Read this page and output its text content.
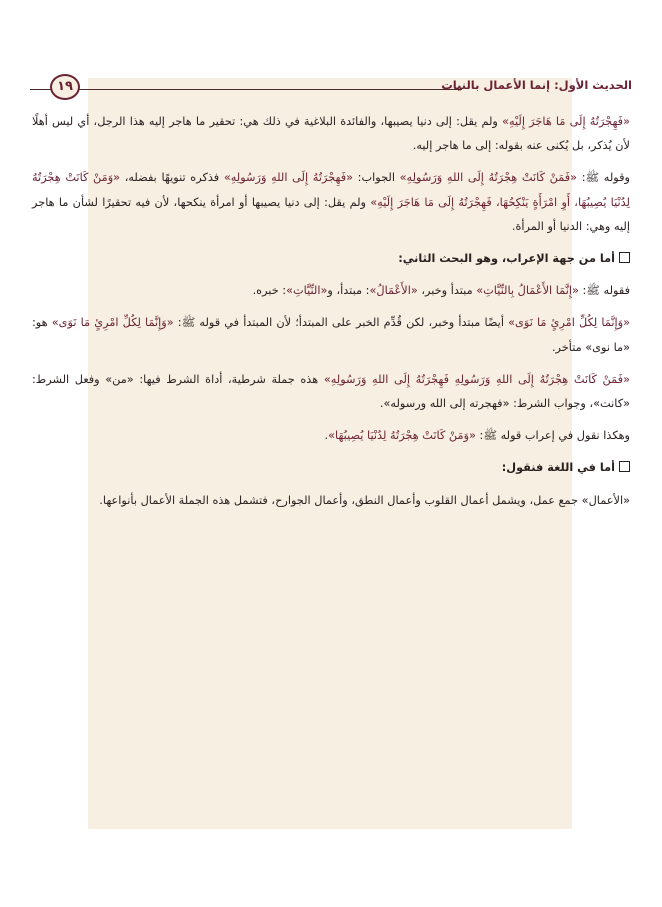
الحديث الأول: إنما الأعمال بالنيات
١٩

«فَهِجْرَتُهُ إِلَى مَا هَاجَرَ إِلَيْهِ» ولم يقل: إلى دنيا يصيبها، والفائدة البلاغية في ذلك هي: تحقير ما هاجر إليه هذا الرجل، أي ليس أهلًا لأن يُذكر، بل يُكنى عنه بقوله: إلى ما هاجر إليه.

وقوله ﷺ: «فَمَنْ كَانَتْ هِجْرَتُهُ إِلَى اللهِ وَرَسُولِهِ» الجواب: «فَهِجْرَتُهُ إِلَى اللهِ وَرَسُولِهِ» فذكره تنويهًا بفضله، «وَمَنْ كَانَتْ هِجْرَتُهُ لِدُنْيَا يُصِيبُهَا، أَوِ امْرَأَةٍ يَنْكِحُهَا، فَهِجْرَتُهُ إِلَى مَا هَاجَرَ إِلَيْهِ» ولم يقل: إلى دنيا يصيبها أو امرأة ينكحها، لأن فيه تحقيرًا لشأن ما هاجر إليه وهي: الدنيا أو المرأة.

أما من جهة الإعراب، وهو البحث الثاني:

فقوله ﷺ: «إِنَّمَا الأَعْمَالُ بِالنِّيَّاتِ» مبتدأ وخبر، «الأَعْمَالُ»: مبتدأ، و«النِّيَّاتِ»: خبره.

«وَإِنَّمَا لِكُلِّ امْرِئٍ مَا نَوَى» أيضًا مبتدأ وخبر، لكن قُدِّم الخبر على المبتدأ؛ لأن المبتدأ في قوله ﷺ: «وَإِنَّمَا لِكُلِّ امْرِئٍ مَا نَوَى» هو: «ما نوى» متأخر.

«فَمَنْ كَانَتْ هِجْرَتُهُ إِلَى اللهِ وَرَسُولِهِ فَهِجْرَتُهُ إِلَى اللهِ وَرَسُولِهِ» هذه جملة شرطية، أداة الشرط فيها: «من» وفعل الشرط: «كانت»، وجواب الشرط: «فهجرته إلى الله ورسوله».

وهكذا نقول في إعراب قوله ﷺ: «وَمَنْ كَانَتْ هِجْرَتُهُ لِدُنْيَا يُصِيبُهَا».

أما في اللغة فنقول:

«الأعمال» جمع عمل، ويشمل أعمال القلوب وأعمال النطق، وأعمال الجوارح، فتشمل هذه الجملة الأعمال بأنواعها.
